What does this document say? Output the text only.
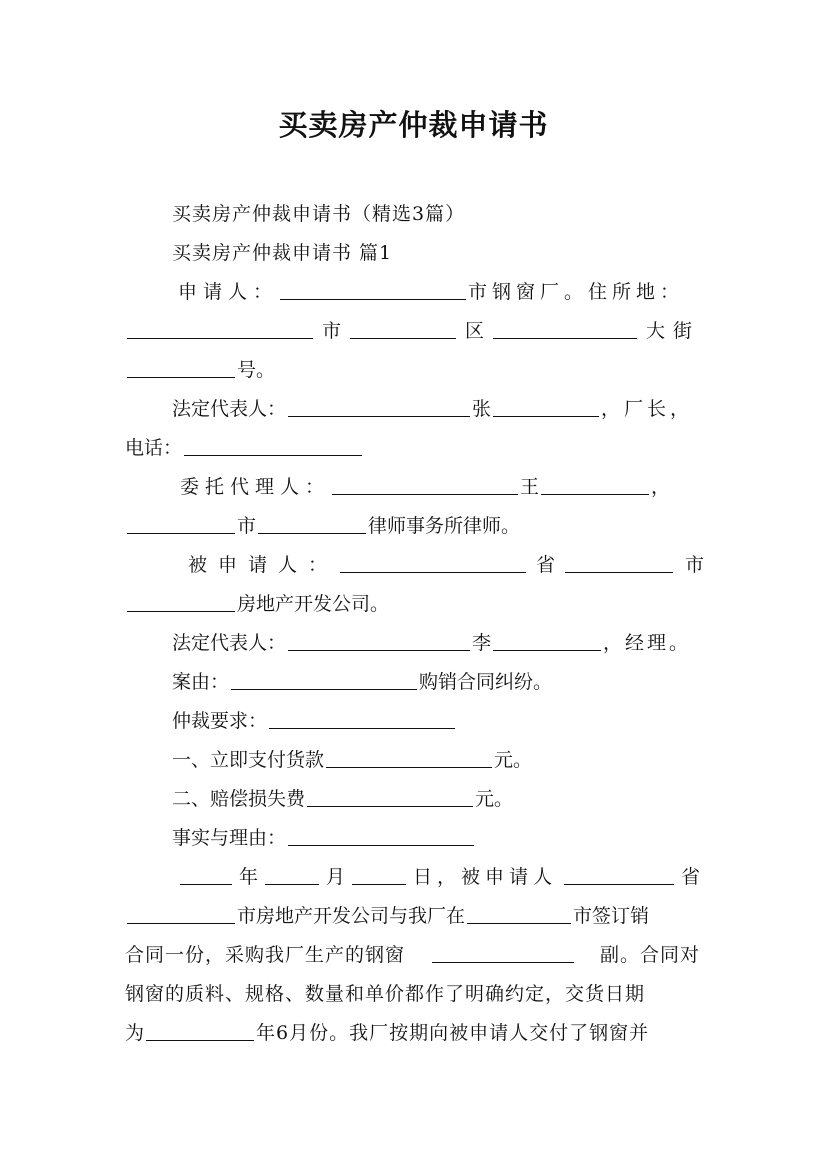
买卖房产仲裁申请书
买卖房产仲裁申请书（精选3篇）
买卖房产仲裁申请书 篇1
申请人：	市钢窗厂。住所地：
市	区	大街
号。
法定代表人：	张	，厂长，
电话：
委托代理人：	王	，
市	律师事务所律师。
被申请人：	省	市
房地产开发公司。
法定代表人：	李	，经理。
案由：	购销合同纠纷。
仲裁要求：
一、立即支付货款	元。
二、赔偿损失费	元。
事实与理由：
年	月	日，被申请人	省
市房地产开发公司与我厂在	市签订销
合同一份，采购我厂生产的钢窗	副。合同对
钢窗的质料、规格、数量和单价都作了明确约定，交货日期
为	年6月份。我厂按期向被申请人交付了钢窗并
